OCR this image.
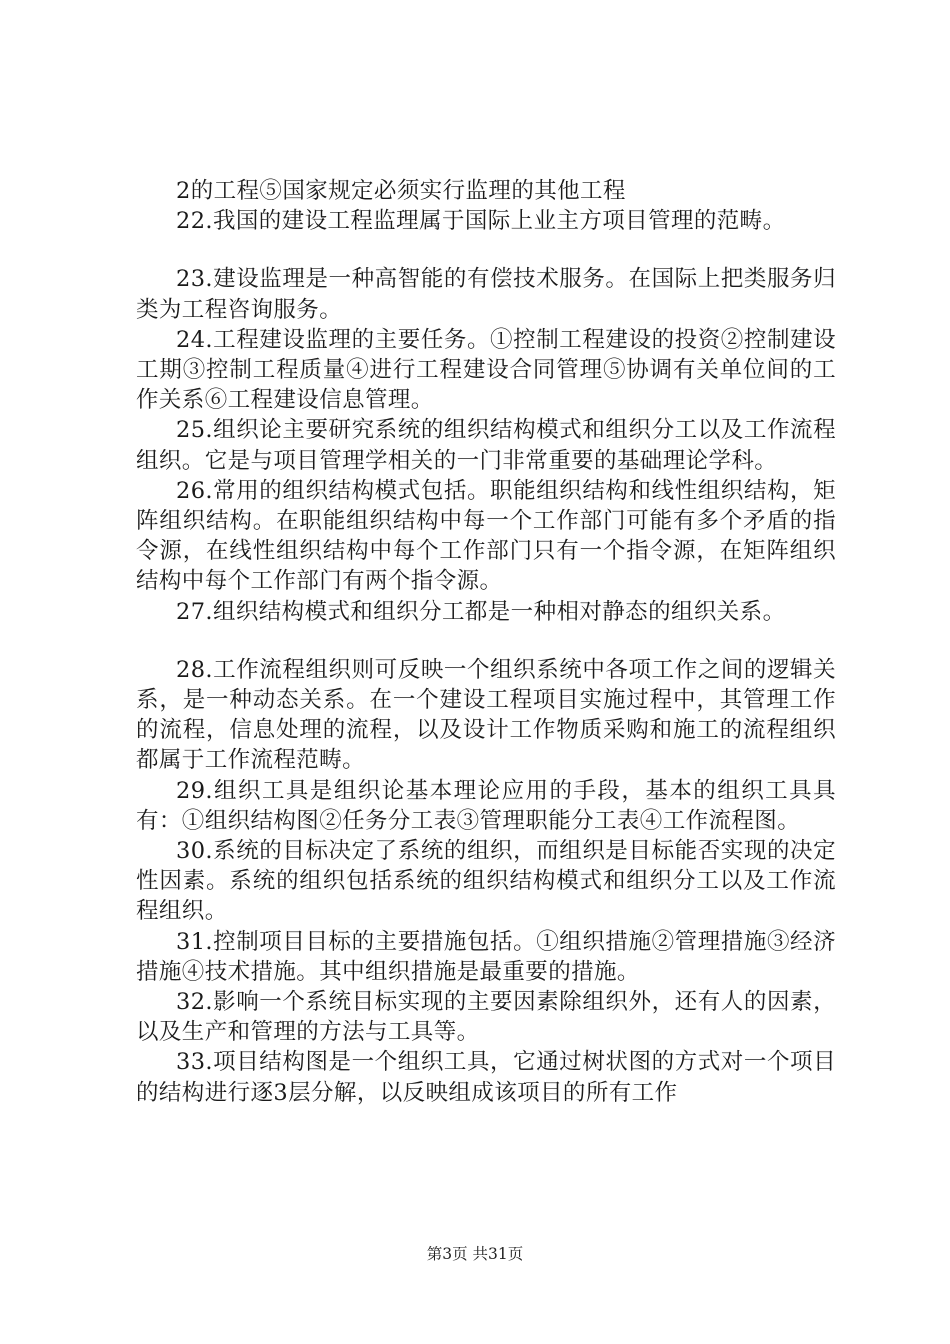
2的工程⑤国家规定必须实行监理的其他工程

22.我国的建设工程监理属于国际上业主方项目管理的范畴。

23.建设监理是一种高智能的有偿技术服务。在国际上把类服务归类为工程咨询服务。

24.工程建设监理的主要任务。①控制工程建设的投资②控制建设工期③控制工程质量④进行工程建设合同管理⑤协调有关单位间的工作关系⑥工程建设信息管理。

25.组织论主要研究系统的组织结构模式和组织分工以及工作流程组织。它是与项目管理学相关的一门非常重要的基础理论学科。

26.常用的组织结构模式包括。职能组织结构和线性组织结构，矩阵组织结构。在职能组织结构中每一个工作部门可能有多个矛盾的指令源，在线性组织结构中每个工作部门只有一个指令源，在矩阵组织结构中每个工作部门有两个指令源。

27.组织结构模式和组织分工都是一种相对静态的组织关系。

28.工作流程组织则可反映一个组织系统中各项工作之间的逻辑关系，是一种动态关系。在一个建设工程项目实施过程中，其管理工作的流程，信息处理的流程，以及设计工作物质采购和施工的流程组织都属于工作流程范畴。

29.组织工具是组织论基本理论应用的手段，基本的组织工具具有：①组织结构图②任务分工表③管理职能分工表④工作流程图。

30.系统的目标决定了系统的组织，而组织是目标能否实现的决定性因素。系统的组织包括系统的组织结构模式和组织分工以及工作流程组织。

31.控制项目目标的主要措施包括。①组织措施②管理措施③经济措施④技术措施。其中组织措施是最重要的措施。

32.影响一个系统目标实现的主要因素除组织外，还有人的因素，以及生产和管理的方法与工具等。

33.项目结构图是一个组织工具，它通过树状图的方式对一个项目的结构进行逐3层分解，以反映组成该项目的所有工作

第3页 共31页
